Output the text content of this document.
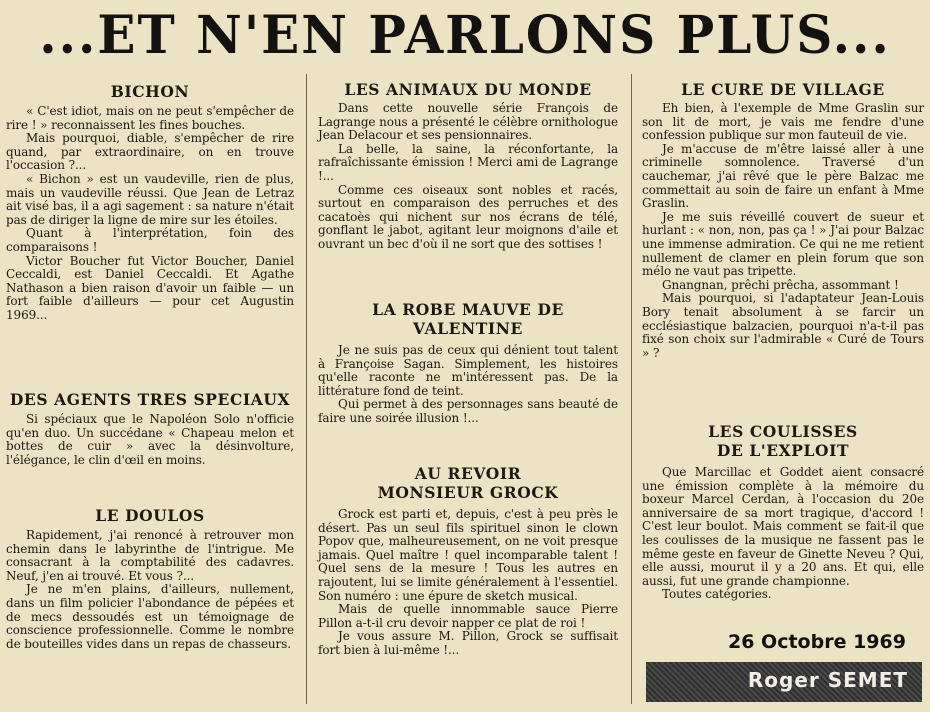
...ET N'EN PARLONS PLUS...
BICHON

« C'est idiot, mais on ne peut s'empêcher de rire ! » reconnaissent les fines bouches.

Mais pourquoi, diable, s'empêcher de rire quand, par extraordinaire, on en trouve l'occasion ?...

« Bichon » est un vaudeville, rien de plus, mais un vaudeville réussi. Que Jean de Letraz ait visé bas, il a agi sagement : sa nature n'était pas de diriger la ligne de mire sur les étoiles.

Quant à l'interprétation, foin des comparaisons !

Victor Boucher fut Victor Boucher, Daniel Ceccaldi, est Daniel Ceccaldi. Et Agathe Nathason a bien raison d'avoir un faible — un fort faible d'ailleurs — pour cet Augustin 1969...

DES AGENTS TRES SPECIAUX

Si spéciaux que le Napoléon Solo n'officie qu'en duo. Un succédane « Chapeau melon et bottes de cuir » avec la désinvolture, l'élégance, le clin d'œil en moins.

LE DOULOS

Rapidement, j'ai renoncé à retrouver mon chemin dans le labyrinthe de l'intrigue. Me consacrant à la comptabilité des cadavres. Neuf, j'en ai trouvé. Et vous ?...

Je ne m'en plains, d'ailleurs, nullement, dans un film policier l'abondance de pépées et de mecs dessoudés est un témoignage de conscience professionnelle. Comme le nombre de bouteilles vides dans un repas de chasseurs.

LES ANIMAUX DU MONDE

Dans cette nouvelle série François de Lagrange nous a présenté le célèbre ornithologue Jean Delacour et ses pensionnaires.

La belle, la saine, la réconfortante, la rafraîchissante émission ! Merci ami de Lagrange !...

Comme ces oiseaux sont nobles et racés, surtout en comparaison des perruches et des cacatoès qui nichent sur nos écrans de télé, gonflant le jabot, agitant leur moignons d'aile et ouvrant un bec d'où il ne sort que des sottises !

LA ROBE MAUVE DE VALENTINE

Je ne suis pas de ceux qui dénient tout talent à Françoise Sagan. Simplement, les histoires qu'elle raconte ne m'intéressent pas. De la littérature fond de teint.

Qui permet à des personnages sans beauté de faire une soirée illusion !...

AU REVOIR MONSIEUR GROCK

Grock est parti et, depuis, c'est à peu près le désert. Pas un seul fils spirituel sinon le clown Popov que, malheureusement, on ne voit presque jamais. Quel maître ! quel incomparable talent ! Quel sens de la mesure ! Tous les autres en rajoutent, lui se limite généralement à l'essentiel. Son numéro : une épure de sketch musical.

Mais de quelle innommable sauce Pierre Pillon a-t-il cru devoir napper ce plat de roi !

Je vous assure M. Pillon, Grock se suffisait fort bien à lui-même !...

LE CURE DE VILLAGE

Eh bien, à l'exemple de Mme Graslin sur son lit de mort, je vais me fendre d'une confession publique sur mon fauteuil de vie.

Je m'accuse de m'être laissé aller à une criminelle somnolence. Traversé d'un cauchemar, j'ai rêvé que le père Balzac me commettait au soin de faire un enfant à Mme Graslin.

Je me suis réveillé couvert de sueur et hurlant : « non, non, pas ça ! » J'ai pour Balzac une immense admiration. Ce qui ne me retient nullement de clamer en plein forum que son mélo ne vaut pas tripette.

Gnangnan, prêchi prêcha, assommant !

Mais pourquoi, si l'adaptateur Jean-Louis Bory tenait absolument à se farcir un ecclésiastique balzacien, pourquoi n'a-t-il pas fixé son choix sur l'admirable « Curé de Tours » ?

LES COULISSES DE L'EXPLOIT

Que Marcillac et Goddet aient consacré une émission complète à la mémoire du boxeur Marcel Cerdan, à l'occasion du 20e anniversaire de sa mort tragique, d'accord ! C'est leur boulot. Mais comment se fait-il que les coulisses de la musique ne fassent pas le même geste en faveur de Ginette Neveu ? Qui, elle aussi, mourut il y a 20 ans. Et qui, elle aussi, fut une grande championne.

Toutes catégories.

26 Octobre 1969
Roger SEMET
